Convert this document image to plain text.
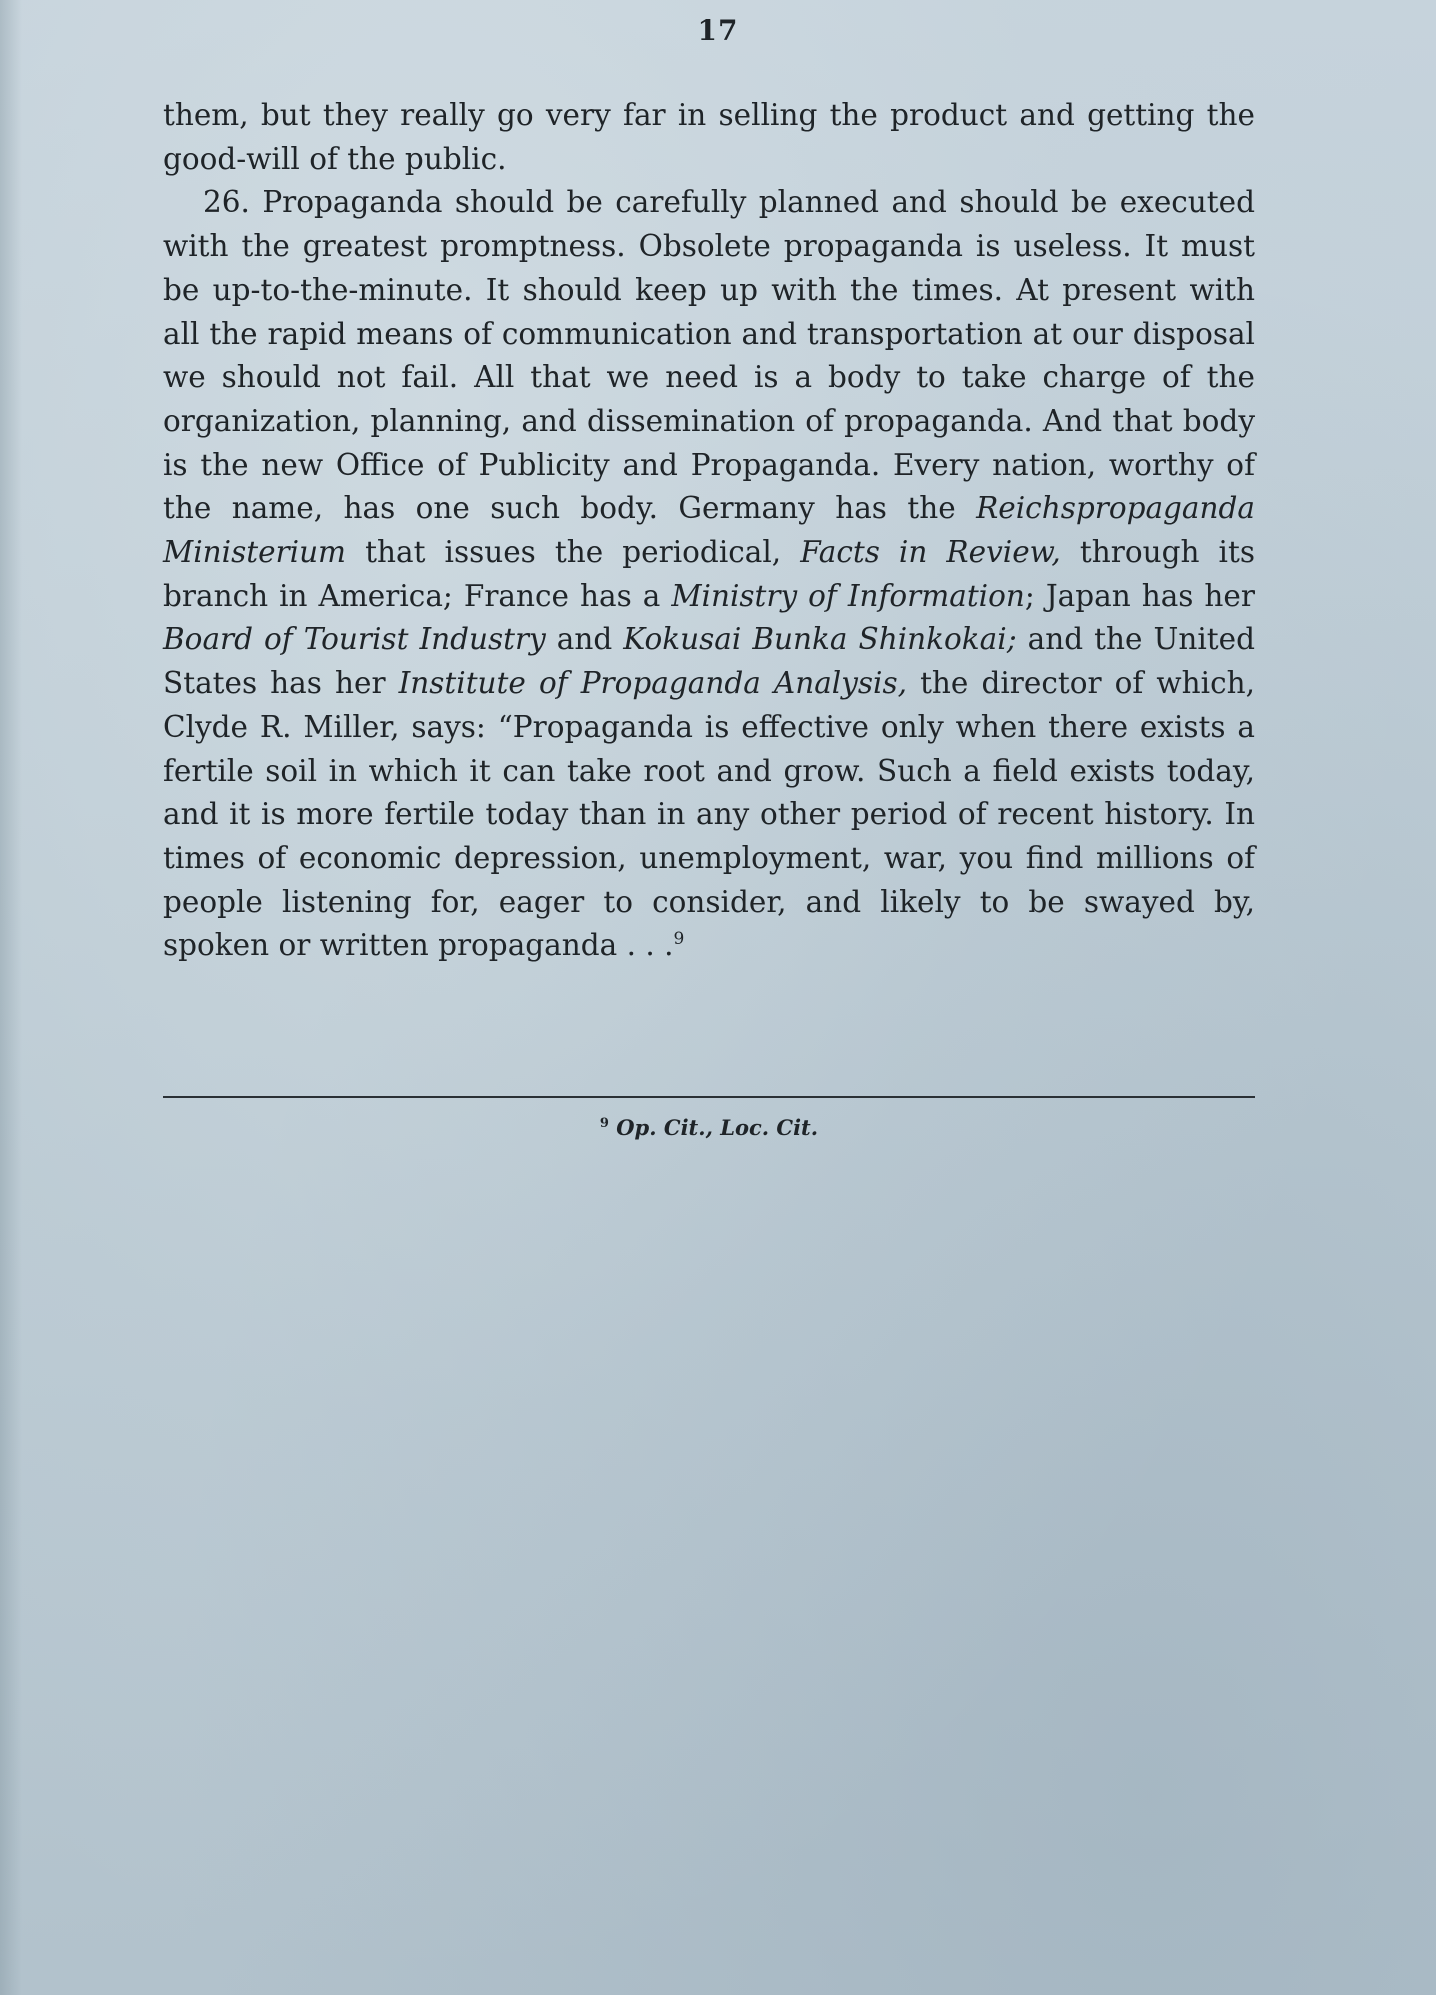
17

them, but they really go very far in selling the product and getting the good-will of the public.

26. Propaganda should be carefully planned and should be executed with the greatest promptness. Obsolete propaganda is useless. It must be up-to-the-minute. It should keep up with the times. At present with all the rapid means of communication and transportation at our disposal we should not fail. All that we need is a body to take charge of the organization, planning, and dissemination of propaganda. And that body is the new Office of Publicity and Propaganda. Every nation, worthy of the name, has one such body. Germany has the Reichspropaganda Ministerium that issues the periodical, Facts in Review, through its branch in America; France has a Ministry of Information; Japan has her Board of Tourist Industry and Kokusai Bunka Shinkokai; and the United States has her Institute of Propaganda Analysis, the director of which, Clyde R. Miller, says: “Propaganda is effective only when there exists a fertile soil in which it can take root and grow. Such a field exists today, and it is more fertile today than in any other period of recent history. In times of economic depression, unemployment, war, you find millions of people listening for, eager to consider, and likely to be swayed by, spoken or written propaganda . . .$^9$

$^9$ Op. Cit., Loc. Cit.
